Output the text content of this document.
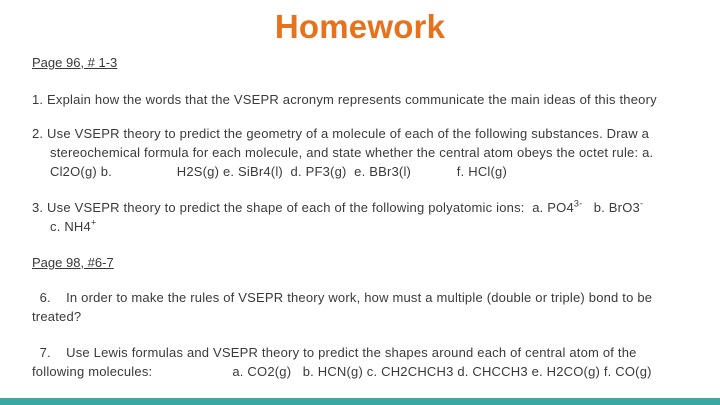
Homework
Page 96, # 1-3
1. Explain how the words that the VSEPR acronym represents communicate the main ideas of this theory
2. Use VSEPR theory to predict the geometry of a molecule of each of the following substances. Draw a
stereochemical formula for each molecule, and state whether the central atom obeys the octet rule: a.
Cl2O(g) b.                 H2S(g) e. SiBr4(l)  d. PF3(g)  e. BBr3(l)            f. HCl(g)
3. Use VSEPR theory to predict the shape of each of the following polyatomic ions:  a. $PO4^{3-}$   b. BrO3-
c. NH4+
Page 98, #6-7
6.    In order to make the rules of VSEPR theory work, how must a multiple (double or triple) bond to be
treated?
7.    Use Lewis formulas and VSEPR theory to predict the shapes around each of central atom of the
following molecules:                     a. CO2(g)   b. HCN(g) c. CH2CHCH3 d. CHCCH3 e. H2CO(g) f. CO(g)
